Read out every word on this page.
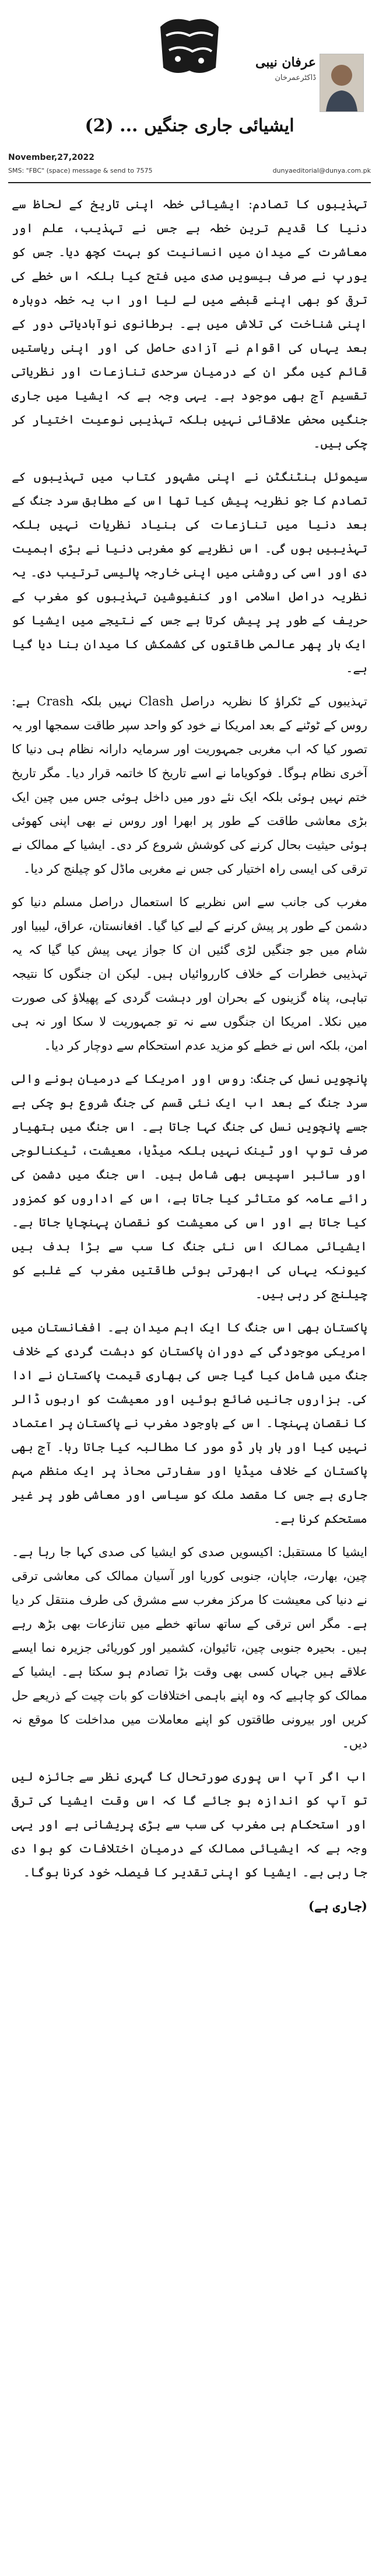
عرفان نیبی
ڈاکٹرعمرخان
ایشیائی جاری جنگیں ... (2)
November,27,2022
SMS: "FBC" (space) message & send to 7575	dunyaeditorial@dunya.com.pk

تہذیبوں کا تصادم: ایشیائی خطہ اپنی تاریخ کے لحاظ سے دنیا کا قدیم ترین خطہ ہے جس نے تہذیب، علم اور معاشرت کے میدان میں انسانیت کو بہت کچھ دیا۔ جس کو یورپ نے صرف بیسویں صدی میں فتح کیا بلکہ اس خطے کی ترقی کو بھی اپنے قبضے میں لے لیا اور اب یہ خطہ دوبارہ اپنی شناخت کی تلاش میں ہے۔ برطانوی نوآبادیاتی دور کے بعد یہاں کی اقوام نے آزادی حاصل کی اور اپنی ریاستیں قائم کیں مگر ان کے درمیان سرحدی تنازعات اور نظریاتی تقسیم آج بھی موجود ہے۔ یہی وجہ ہے کہ ایشیا میں جاری جنگیں محض علاقائی نہیں بلکہ تہذیبی نوعیت اختیار کر چکی ہیں۔

سیموئل ہنٹنگٹن نے اپنی مشہور کتاب میں تہذیبوں کے تصادم کا جو نظریہ پیش کیا تھا اس کے مطابق سرد جنگ کے بعد دنیا میں تنازعات کی بنیاد نظریات نہیں بلکہ تہذیبیں ہوں گی۔ اس نظریے کو مغربی دنیا نے بڑی اہمیت دی اور اسی کی روشنی میں اپنی خارجہ پالیسی ترتیب دی۔ یہ نظریہ دراصل اسلامی اور کنفیوشین تہذیبوں کو مغرب کے حریف کے طور پر پیش کرتا ہے جس کے نتیجے میں ایشیا کو ایک بار پھر عالمی طاقتوں کی کشمکش کا میدان بنا دیا گیا ہے۔

تہذیبوں کے ٹکراؤ کا نظریہ دراصل Clash نہیں بلکہ Crash ہے: روس کے ٹوٹنے کے بعد امریکا نے خود کو واحد سپر طاقت سمجھا اور یہ تصور کیا کہ اب مغربی جمہوریت اور سرمایہ دارانہ نظام ہی دنیا کا آخری نظام ہوگا۔ فوکویاما نے اسے تاریخ کا خاتمہ قرار دیا۔ مگر تاریخ ختم نہیں ہوئی بلکہ ایک نئے دور میں داخل ہوئی جس میں چین ایک بڑی معاشی طاقت کے طور پر ابھرا اور روس نے بھی اپنی کھوئی ہوئی حیثیت بحال کرنے کی کوشش شروع کر دی۔ ایشیا کے ممالک نے ترقی کی ایسی راہ اختیار کی جس نے مغربی ماڈل کو چیلنج کر دیا۔

مغرب کی جانب سے اس نظریے کا استعمال دراصل مسلم دنیا کو دشمن کے طور پر پیش کرنے کے لیے کیا گیا۔ افغانستان، عراق، لیبیا اور شام میں جو جنگیں لڑی گئیں ان کا جواز یہی پیش کیا گیا کہ یہ تہذیبی خطرات کے خلاف کارروائیاں ہیں۔ لیکن ان جنگوں کا نتیجہ تباہی، پناہ گزینوں کے بحران اور دہشت گردی کے پھیلاؤ کی صورت میں نکلا۔ امریکا ان جنگوں سے نہ تو جمہوریت لا سکا اور نہ ہی امن، بلکہ اس نے خطے کو مزید عدم استحکام سے دوچار کر دیا۔

پانچویں نسل کی جنگ: روس اور امریکا کے درمیان ہونے والی سرد جنگ کے بعد اب ایک نئی قسم کی جنگ شروع ہو چکی ہے جسے پانچویں نسل کی جنگ کہا جاتا ہے۔ اس جنگ میں ہتھیار صرف توپ اور ٹینک نہیں بلکہ میڈیا، معیشت، ٹیکنالوجی اور سائبر اسپیس بھی شامل ہیں۔ اس جنگ میں دشمن کی رائے عامہ کو متاثر کیا جاتا ہے، اس کے اداروں کو کمزور کیا جاتا ہے اور اس کی معیشت کو نقصان پہنچایا جاتا ہے۔ ایشیائی ممالک اس نئی جنگ کا سب سے بڑا ہدف ہیں کیونکہ یہاں کی ابھرتی ہوئی طاقتیں مغرب کے غلبے کو چیلنج کر رہی ہیں۔

پاکستان بھی اس جنگ کا ایک اہم میدان ہے۔ افغانستان میں امریکی موجودگی کے دوران پاکستان کو دہشت گردی کے خلاف جنگ میں شامل کیا گیا جس کی بھاری قیمت پاکستان نے ادا کی۔ ہزاروں جانیں ضائع ہوئیں اور معیشت کو اربوں ڈالر کا نقصان پہنچا۔ اس کے باوجود مغرب نے پاکستان پر اعتماد نہیں کیا اور بار بار ڈو مور کا مطالبہ کیا جاتا رہا۔ آج بھی پاکستان کے خلاف میڈیا اور سفارتی محاذ پر ایک منظم مہم جاری ہے جس کا مقصد ملک کو سیاسی اور معاشی طور پر غیر مستحکم کرنا ہے۔

ایشیا کا مستقبل: اکیسویں صدی کو ایشیا کی صدی کہا جا رہا ہے۔ چین، بھارت، جاپان، جنوبی کوریا اور آسیان ممالک کی معاشی ترقی نے دنیا کی معیشت کا مرکز مغرب سے مشرق کی طرف منتقل کر دیا ہے۔ مگر اس ترقی کے ساتھ ساتھ خطے میں تنازعات بھی بڑھ رہے ہیں۔ بحیرہ جنوبی چین، تائیوان، کشمیر اور کوریائی جزیرہ نما ایسے علاقے ہیں جہاں کسی بھی وقت بڑا تصادم ہو سکتا ہے۔ ایشیا کے ممالک کو چاہیے کہ وہ اپنے باہمی اختلافات کو بات چیت کے ذریعے حل کریں اور بیرونی طاقتوں کو اپنے معاملات میں مداخلت کا موقع نہ دیں۔

اب اگر آپ اس پوری صورتحال کا گہری نظر سے جائزہ لیں تو آپ کو اندازہ ہو جائے گا کہ اس وقت ایشیا کی ترقی اور استحکام ہی مغرب کی سب سے بڑی پریشانی ہے اور یہی وجہ ہے کہ ایشیائی ممالک کے درمیان اختلافات کو ہوا دی جا رہی ہے۔ ایشیا کو اپنی تقدیر کا فیصلہ خود کرنا ہوگا۔

(جاری ہے)
